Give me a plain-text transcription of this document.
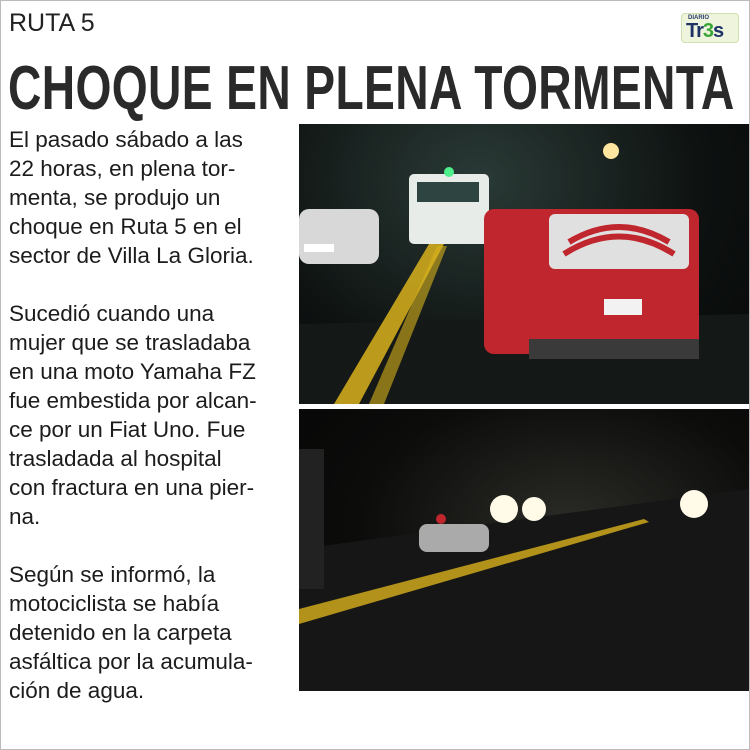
RUTA 5	DIARIO
Tr3s
CHOQUE EN PLENA TORMENTA

El pasado sábado a las
22 horas, en plena tor-
menta, se produjo un
choque en Ruta 5 en el
sector de Villa La Gloria.

Sucedió cuando una
mujer que se trasladaba
en una moto Yamaha FZ
fue embestida por alcan-
ce por un Fiat Uno. Fue
trasladada al hospital
con fractura en una pier-
na.

Según se informó, la
motociclista se había
detenido en la carpeta
asfáltica por la acumula-
ción de agua.
